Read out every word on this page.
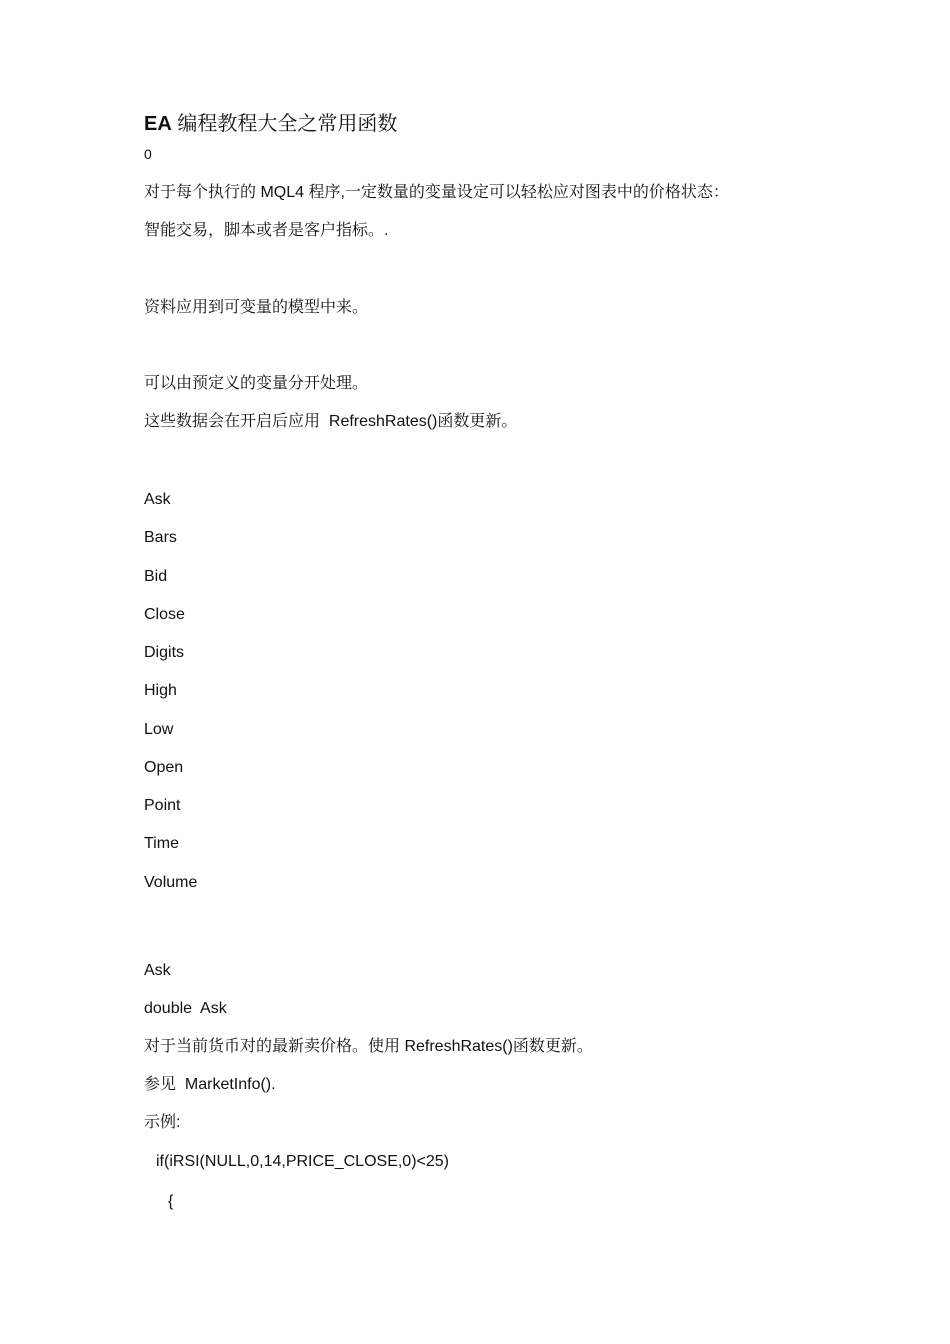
EA 编程教程大全之常用函数
0
对于每个执行的 MQL4 程序,一定数量的变量设定可以轻松应对图表中的价格状态：
智能交易，脚本或者是客户指标。.
资料应用到可变量的模型中来。
可以由预定义的变量分开处理。
这些数据会在开启后应用  RefreshRates()函数更新。
Ask
Bars
Bid
Close
Digits
High
Low
Open
Point
Time
Volume
Ask
double  Ask
对于当前货币对的最新卖价格。使用 RefreshRates()函数更新。
参见  MarketInfo().
示例:
if(iRSI(NULL,0,14,PRICE_CLOSE,0)<25)
{
